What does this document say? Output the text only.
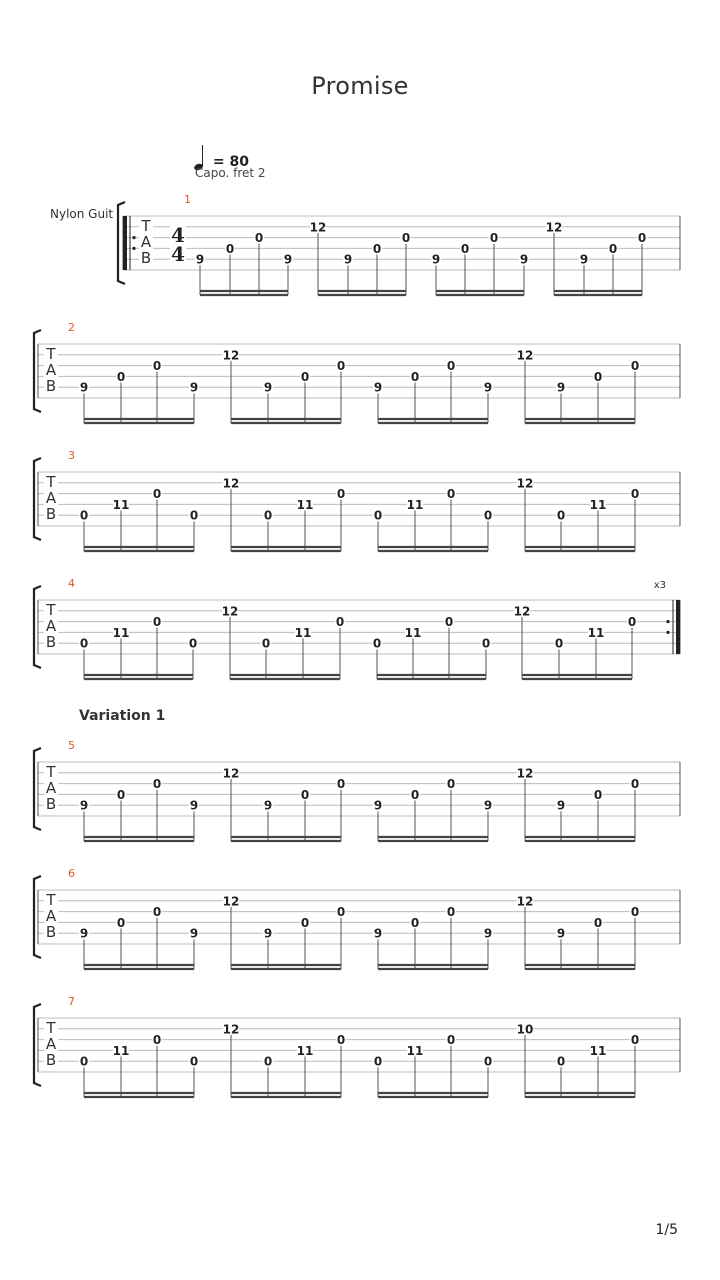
Promise
= 80
Capo. fret 2
Nylon Guit
Variation 1
1/5
T
A
B
4
4
1
9
0
0
9
12
9
0
0
9
0
0
9
12
9
0
0
T
A
B
2
9
0
0
9
12
9
0
0
9
0
0
9
12
9
0
0
T
A
B
3
0
11
0
0
12
0
11
0
0
11
0
0
12
0
11
0
T
A
B
4	x3
0
11
0
0
12
0
11
0
0
11
0
0
12
0
11
0
T
A
B
5
9
0
0
9
12
9
0
0
9
0
0
9
12
9
0
0
T
A
B
6
9
0
0
9
12
9
0
0
9
0
0
9
12
9
0
0
T
A
B
7
0
11
0
0
12
0
11
0
0
11
0
0
10
0
11
0
